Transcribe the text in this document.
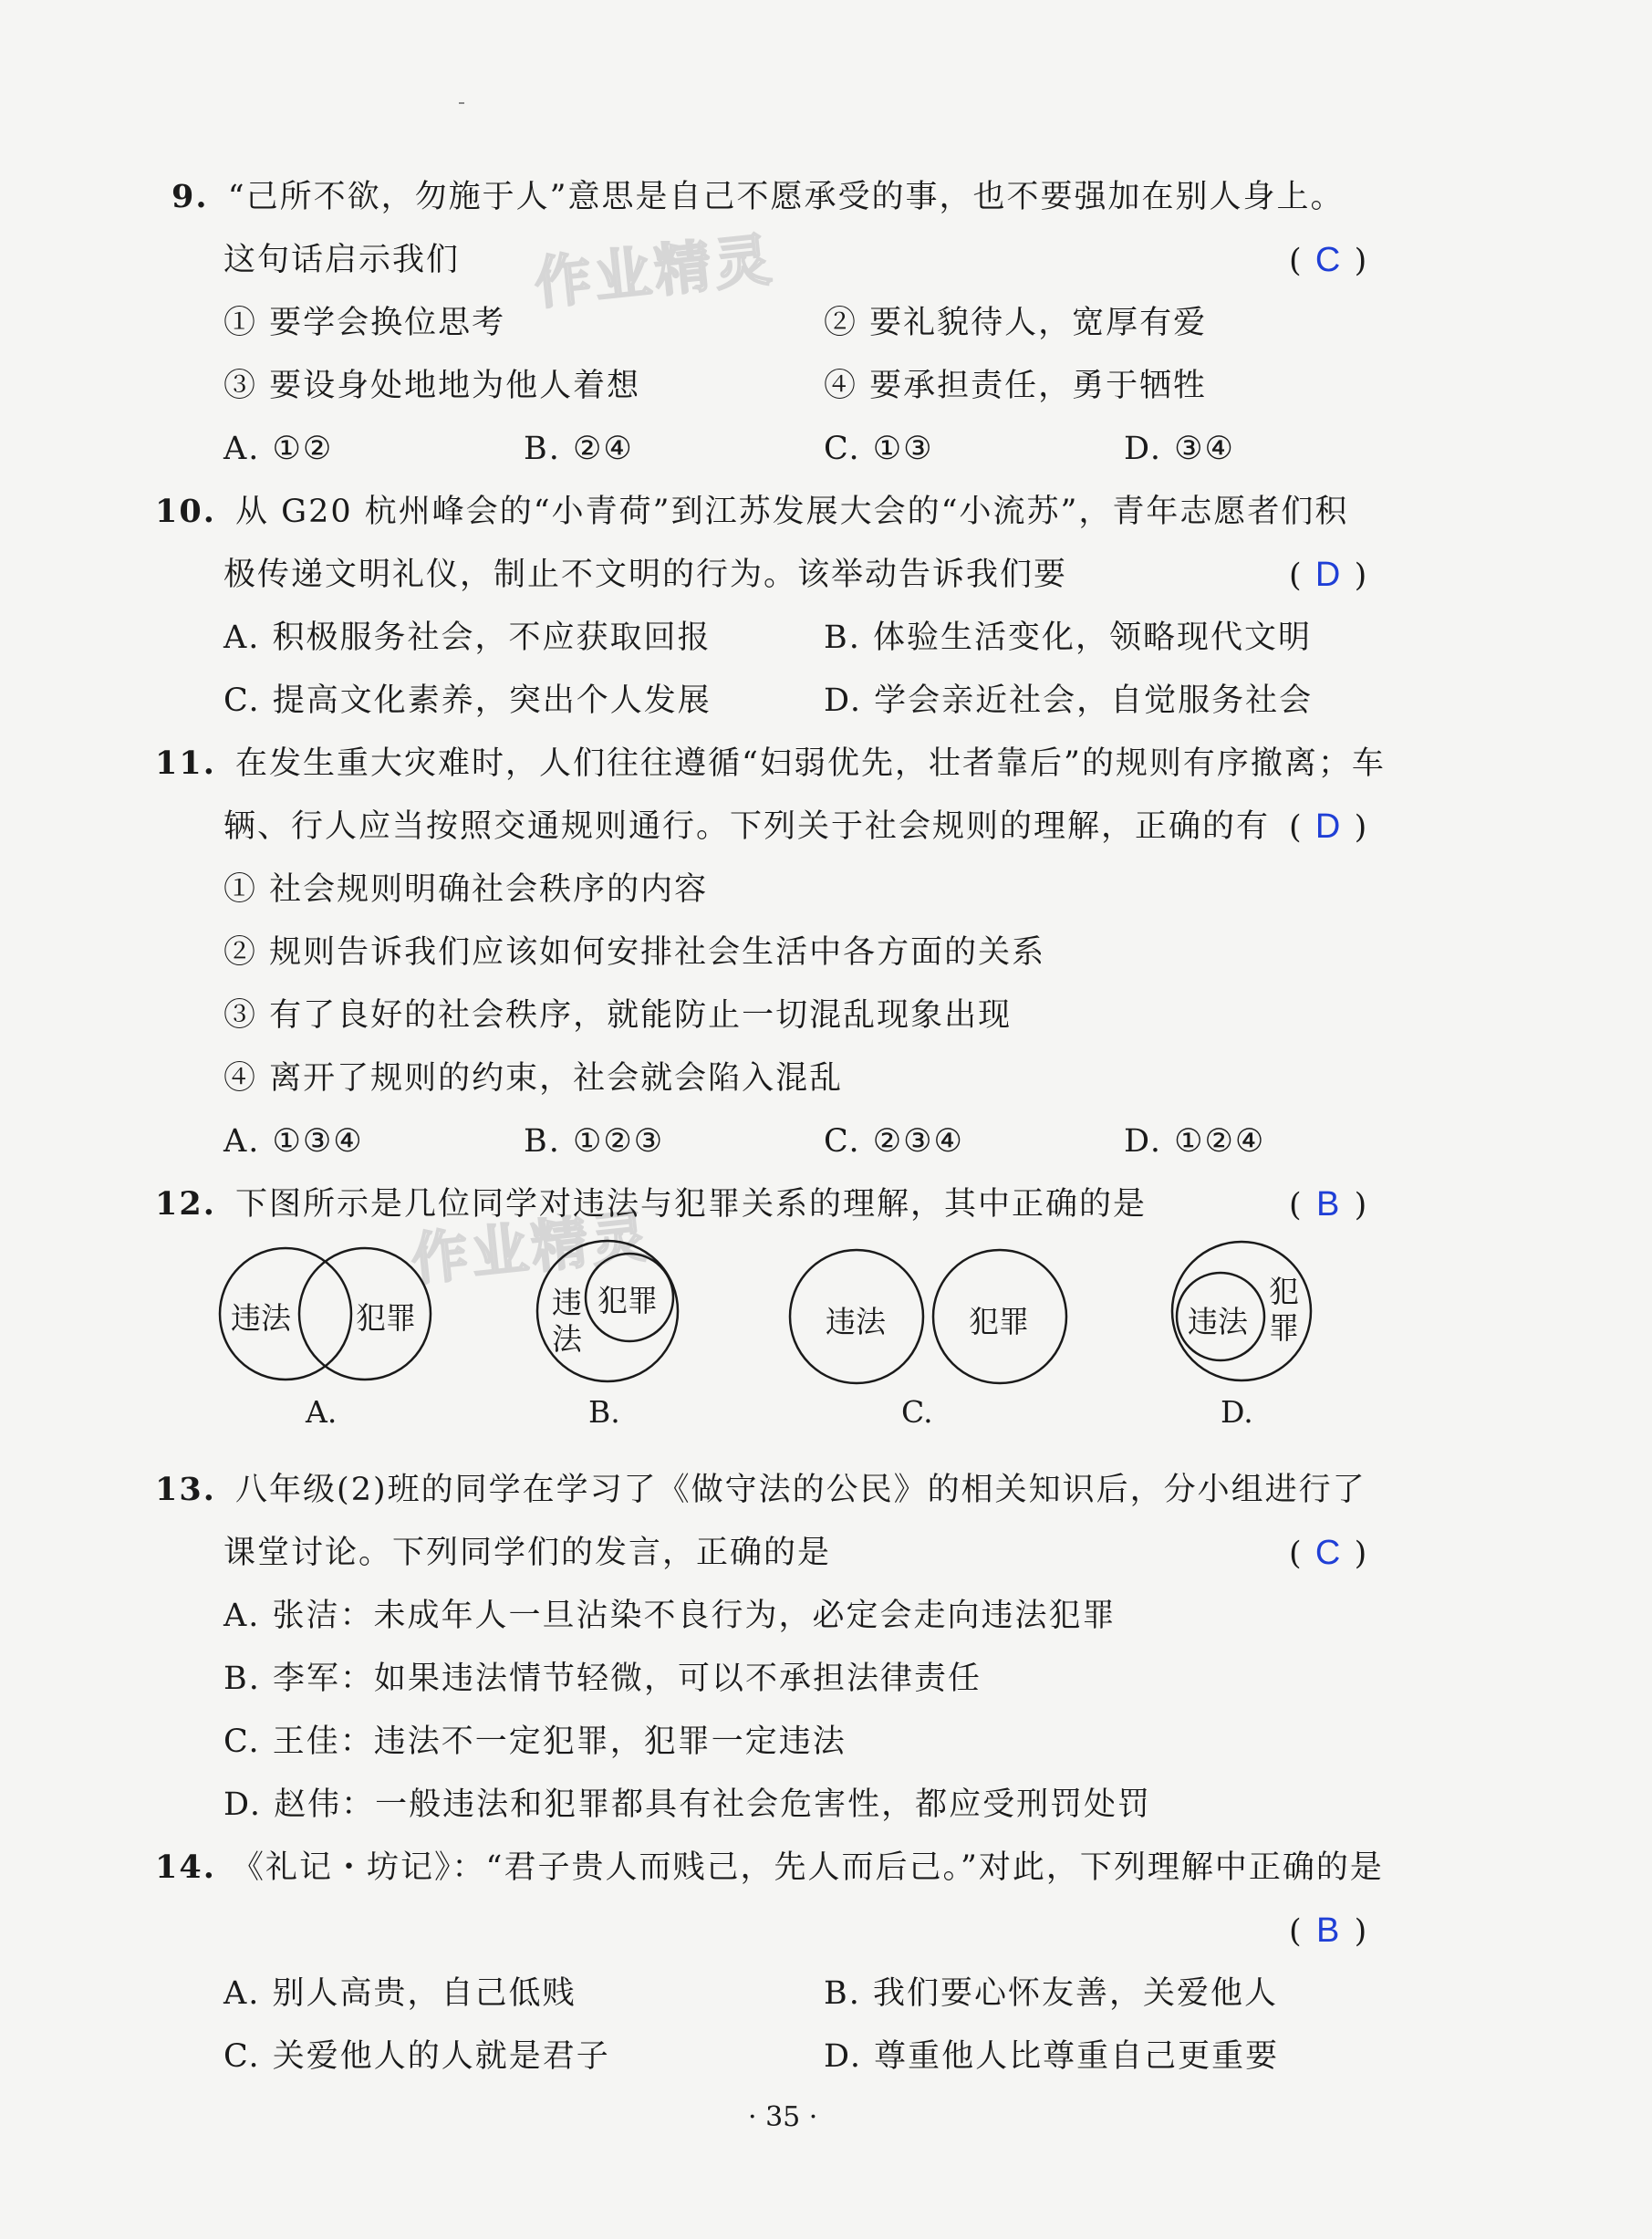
作业精灵
作业精灵
9. “己所不欲，勿施于人”意思是自己不愿承受的事，也不要强加在别人身上。
这句话启示我们	( C )
① 要学会换位思考	② 要礼貌待人，宽厚有爱
③ 要设身处地地为他人着想	④ 要承担责任，勇于牺牲
A. ①②	B. ②④	C. ①③	D. ③④
10. 从 G20 杭州峰会的“小青荷”到江苏发展大会的“小流苏”，青年志愿者们积
极传递文明礼仪，制止不文明的行为。该举动告诉我们要	( D )
A. 积极服务社会，不应获取回报	B. 体验生活变化，领略现代文明
C. 提高文化素养，突出个人发展	D. 学会亲近社会，自觉服务社会
11. 在发生重大灾难时，人们往往遵循“妇弱优先，壮者靠后”的规则有序撤离；车
辆、行人应当按照交通规则通行。下列关于社会规则的理解，正确的有 ( D )
① 社会规则明确社会秩序的内容
② 规则告诉我们应该如何安排社会生活中各方面的关系
③ 有了良好的社会秩序，就能防止一切混乱现象出现
④ 离开了规则的约束，社会就会陷入混乱
A. ①③④	B. ①②③	C. ②③④	D. ①②④
12. 下图所示是几位同学对违法与犯罪关系的理解，其中正确的是	( B )
违法 犯罪	违
法
犯罪
违法	犯罪	违法
犯
罪
A.	B.	C.	D.
13. 八年级(2)班的同学在学习了《做守法的公民》的相关知识后，分小组进行了
课堂讨论。下列同学们的发言，正确的是	( C )
A. 张洁：未成年人一旦沾染不良行为，必定会走向违法犯罪
B. 李军：如果违法情节轻微，可以不承担法律责任
C. 王佳：违法不一定犯罪，犯罪一定违法
D. 赵伟：一般违法和犯罪都具有社会危害性，都应受刑罚处罚
14. 《礼记・坊记》：“君子贵人而贱己，先人而后己。”对此，下列理解中正确的是
( B )
A. 别人高贵，自己低贱	B. 我们要心怀友善，关爱他人
C. 关爱他人的人就是君子	D. 尊重他人比尊重自己更重要
· 35 ·
